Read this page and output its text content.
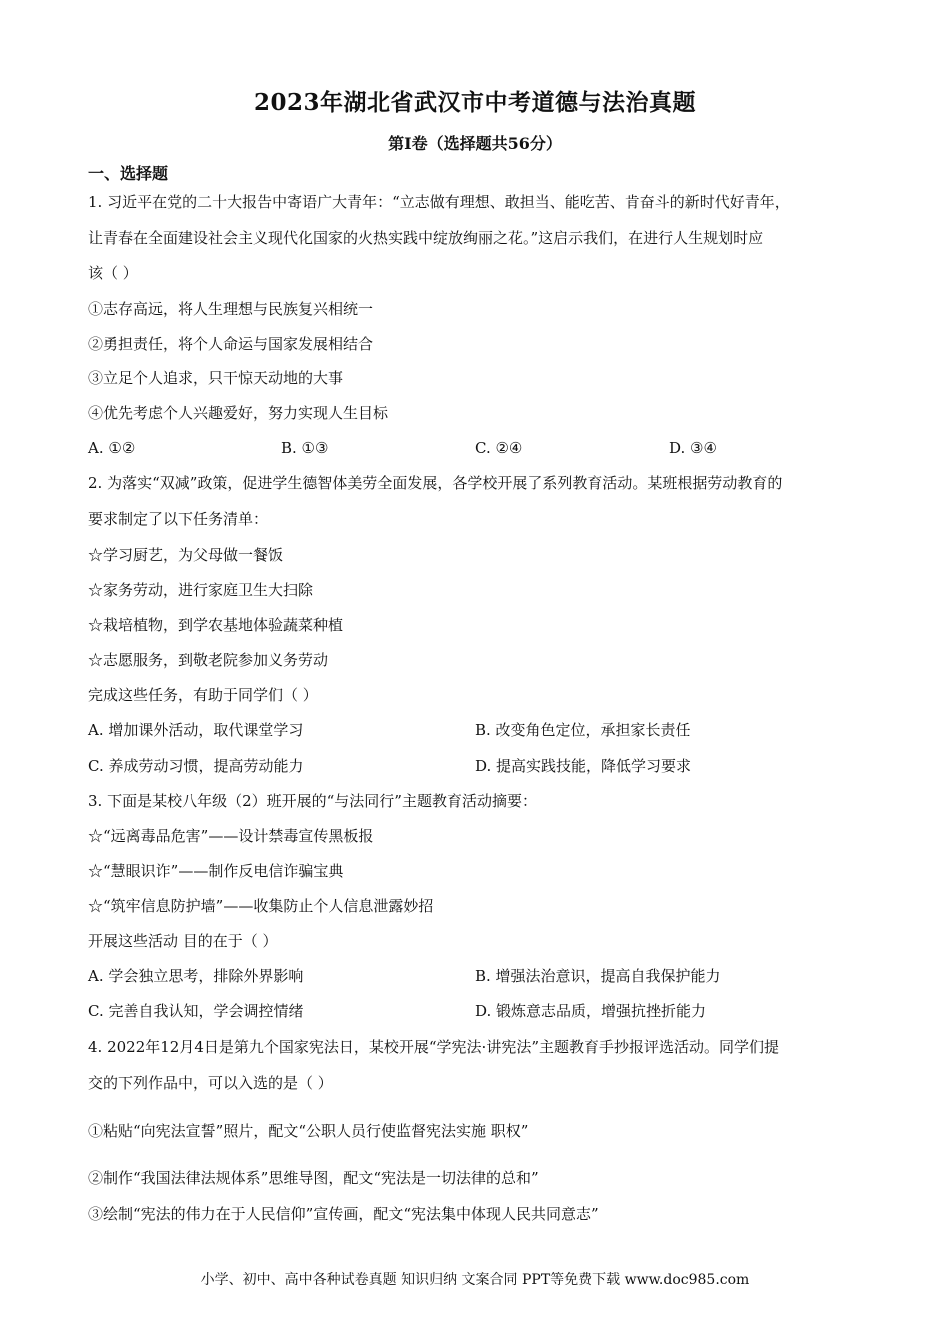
2023年湖北省武汉市中考道德与法治真题
第I卷（选择题共56分）
一、选择题
1. 习近平在党的二十大报告中寄语广大青年：“立志做有理想、敢担当、能吃苦、肯奋斗的新时代好青年，
让青春在全面建设社会主义现代化国家的火热实践中绽放绚丽之花。”这启示我们，在进行人生规划时应
该（ ）
①志存高远，将人生理想与民族复兴相统一
②勇担责任，将个人命运与国家发展相结合
③立足个人追求，只干惊天动地的大事
④优先考虑个人兴趣爱好，努力实现人生目标
A. ①②	B. ①③	C. ②④	D. ③④
2. 为落实“双减”政策，促进学生德智体美劳全面发展，各学校开展了系列教育活动。某班根据劳动教育的
要求制定了以下任务清单：
☆学习厨艺，为父母做一餐饭
☆家务劳动，进行家庭卫生大扫除
☆栽培植物，到学农基地体验蔬菜种植
☆志愿服务，到敬老院参加义务劳动
完成这些任务，有助于同学们（ ）
A. 增加课外活动，取代课堂学习	B. 改变角色定位，承担家长责任
C. 养成劳动习惯，提高劳动能力	D. 提高实践技能，降低学习要求
3. 下面是某校八年级（2）班开展的“与法同行”主题教育活动摘要：
☆“远离毒品危害”——设计禁毒宣传黑板报
☆“慧眼识诈”——制作反电信诈骗宝典
☆“筑牢信息防护墙”——收集防止个人信息泄露妙招
开展这些活动 目的在于（ ）
A. 学会独立思考，排除外界影响	B. 增强法治意识，提高自我保护能力
C. 完善自我认知，学会调控情绪	D. 锻炼意志品质，增强抗挫折能力
4. 2022年12月4日是第九个国家宪法日，某校开展“学宪法·讲宪法”主题教育手抄报评选活动。同学们提
交的下列作品中，可以入选的是（ ）
①粘贴“向宪法宣誓”照片，配文“公职人员行使监督宪法实施 职权”
②制作“我国法律法规体系”思维导图，配文“宪法是一切法律的总和”
③绘制“宪法的伟力在于人民信仰”宣传画，配文“宪法集中体现人民共同意志”
小学、初中、高中各种试卷真题 知识归纳 文案合同 PPT等免费下载 www.doc985.com
